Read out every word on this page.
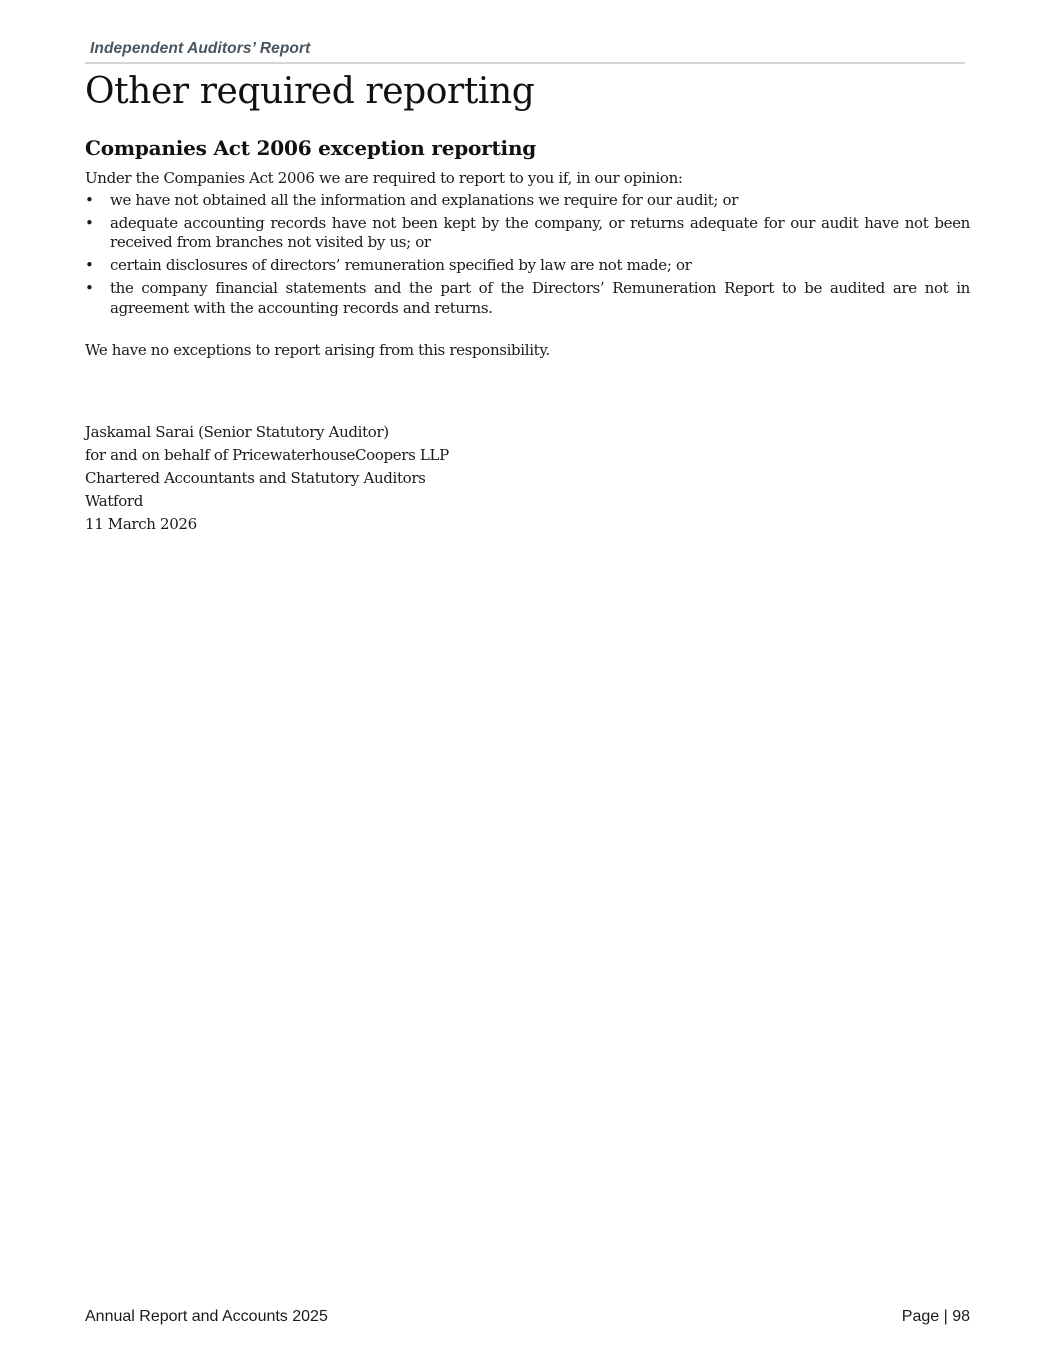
Independent Auditors’ Report
Other required reporting
Companies Act 2006 exception reporting

Under the Companies Act 2006 we are required to report to you if, in our opinion:

• we have not obtained all the information and explanations we require for our audit; or
• adequate accounting records have not been kept by the company, or returns adequate for our audit have not been received from branches not visited by us; or
• certain disclosures of directors’ remuneration specified by law are not made; or
• the company financial statements and the part of the Directors’ Remuneration Report to be audited are not in agreement with the accounting records and returns.

We have no exceptions to report arising from this responsibility.

Jaskamal Sarai (Senior Statutory Auditor)
for and on behalf of PricewaterhouseCoopers LLP
Chartered Accountants and Statutory Auditors
Watford
11 March 2026
Annual Report and Accounts 2025	Page | 98
